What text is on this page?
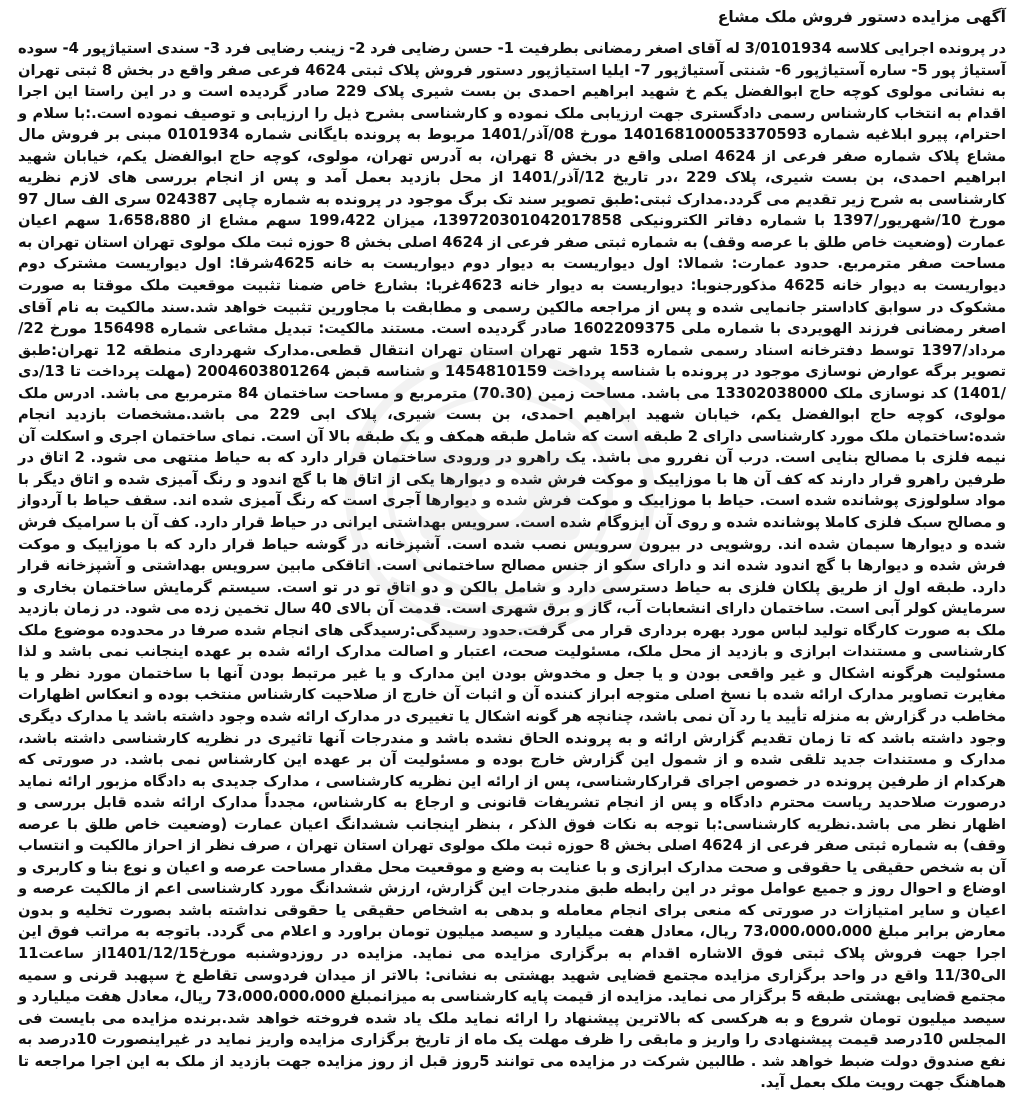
آگهی مزایده دستور فروش ملک مشاع

در پرونده اجرایی کلاسه 3/0101934 له آقای اصغر رمضانی بطرفیت 1- حسن رضایی فرد 2- زینب رضایی فرد 3- سندی استیاژپور 4- سوده آستیاژ پور 5- ساره آستیاژپور 6- شنتی آستیاژپور 7- ایلیا استیاژپور دستور فروش پلاک ثبتی 4624 فرعی صفر واقع در بخش 8 ثبتی تهران به نشانی مولوی کوچه حاج ابوالفضل یکم خ شهید ابراهیم احمدی بن بست شیری پلاک 229 صادر گردیده است و در این راستا این اجرا اقدام به انتخاب کارشناس رسمی دادگستری جهت ارزیابی ملک نموده و کارشناسی بشرح ذیل را ارزیابی و توصیف نموده است.:با سلام و احترام، پیرو ابلاغیه شماره 140168100053370593 مورخ 08/آذر/1401 مربوط به پرونده بایگانی شماره 0101934 مبنی بر فروش مال مشاع پلاک شماره صفر فرعی از 4624 اصلی واقع در بخش 8 تهران، به آدرس تهران، مولوی، کوچه حاج ابوالفضل یکم، خیابان شهید ابراهیم احمدی، بن بست شیری، پلاک 229 ،در تاریخ 12/آذر/1401 از محل بازدید بعمل آمد و پس از انجام بررسی های لازم نظریه کارشناسی به شرح زیر تقدیم می گردد.مدارک ثبتی:طبق تصویر سند تک برگ موجود در پرونده به شماره چاپی 024387 سری الف سال 97 مورخ 10/شهریور/1397 با شماره دفاتر الکترونیکی 139720301042017858، میزان 199،422 سهم مشاع از 1،658،880 سهم اعیان عمارت (وضعیت خاص طلق با عرصه وقف) به شماره ثبتی صفر فرعی از 4624 اصلی بخش 8 حوزه ثبت ملک مولوی تهران استان تهران به مساحت صفر مترمربع. حدود عمارت: شمالا: اول دیواریست به دیوار دوم دیواریست به خانه 4625شرقا: اول دیواریست مشترک دوم دیواریست به دیوار خانه 4625 مذکورجنوبا: دیواریست به دیوار خانه 4623غربا: بشارع خاص ضمنا تثبیت موقعیت ملک موقتا به صورت مشکوک در سوابق کاداستر جانمایی شده و پس از مراجعه مالکین رسمی و مطابقت با مجاورین تثبیت خواهد شد.سند مالکیت به نام آقای اصغر رمضانی فرزند الهویردی با شماره ملی 1602209375 صادر گردیده است. مستند مالکیت: تبدیل مشاعی شماره 156498 مورخ 22/مرداد/1397 توسط دفترخانه اسناد رسمی شماره 153 شهر تهران استان تهران انتقال قطعی.مدارک شهرداری منطقه 12 تهران:طبق تصویر برگه عوارض نوسازی موجود در پرونده با شناسه پرداخت 1454810159 و شناسه قبض 2004603801264 (مهلت پرداخت تا 13/دی /1401) کد نوسازی ملک 13302038000 می باشد. مساحت زمین (70.30) مترمربع و مساحت ساختمان 84 مترمربع می باشد. ادرس ملک مولوی، کوچه حاج ابوالفضل یکم، خیابان شهید ابراهیم احمدی، بن بست شیری، پلاک ابی 229 می باشد.مشخصات بازدید انجام شده:ساختمان ملک مورد کارشناسی دارای 2 طبقه است که شامل طبقه همکف و یک طبقه بالا آن است. نمای ساختمان اجری و اسکلت آن نیمه فلزی با مصالح بنایی است. درب آن نفررو می باشد. یک راهرو در ورودی ساختمان قرار دارد که به حیاط منتهی می شود. 2 اتاق در طرفین راهرو قرار دارند که کف آن ها با موزاییک و موکت فرش شده و دیوارها یکی از اتاق ها با گچ اندود و رنگ آمیزی شده و اتاق دیگر با مواد سلولوزی پوشانده شده است. حیاط با موزاییک و موکت فرش شده و دیوارها آجری است که رنگ آمیزی شده اند. سقف حیاط با آردواز و مصالح سبک فلزی کاملا پوشانده شده و روی آن ایزوگام شده است. سرویس بهداشتی ایرانی در حیاط قرار دارد. کف آن با سرامیک فرش شده و دیوارها سیمان شده اند. روشویی در بیرون سرویس نصب شده است. آشپزخانه در گوشه حیاط قرار دارد که با موزاییک و موکت فرش شده و دیوارها با گچ اندود شده اند و دارای سکو از جنس مصالح ساختمانی است. اتاقکی مابین سرویس بهداشتی و آشپزخانه قرار دارد. طبقه اول از طریق پلکان فلزی به حیاط دسترسی دارد و شامل بالکن و دو اتاق تو در تو است. سیستم گرمایش ساختمان بخاری و سرمایش کولر آبی است. ساختمان دارای انشعابات آب، گاز و برق شهری است. قدمت آن بالای 40 سال تخمین زده می شود. در زمان بازدید ملک به صورت کارگاه تولید لباس مورد بهره برداری قرار می گرفت.حدود رسیدگی:رسیدگی های انجام شده صرفا در محدوده موضوع ملک کارشناسی و مستندات ابرازی و بازدید از محل ملک، مسئولیت صحت، اعتبار و اصالت مدارک ارائه شده بر عهده اینجانب نمی باشد و لذا مسئولیت هرگونه اشکال و غیر واقعی بودن و یا جعل و مخدوش بودن این مدارک و یا غیر مرتبط بودن آنها با ساختمان مورد نظر و یا مغایرت تصاویر مدارک ارائه شده با نسخ اصلی متوجه ابراز کننده آن و اثبات آن خارج از صلاحیت کارشناس منتخب بوده و انعکاس اظهارات مخاطب در گزارش به منزله تأیید یا رد آن نمی باشد، چنانچه هر گونه اشکال یا تغییری در مدارک ارائه شده وجود داشته باشد یا مدارک دیگری وجود داشته باشد که تا زمان تقدیم گزارش ارائه و به پرونده الحاق نشده باشد و مندرجات آنها تاثیری در نظریه کارشناسی داشته باشد، مدارک و مستندات جدید تلقی شده و از شمول این گزارش خارج بوده و مسئولیت آن بر عهده این کارشناس نمی باشد. در صورتی که هرکدام از طرفین پرونده در خصوص اجرای قرارکارشناسی، پس از ارائه این نظریه کارشناسی ، مدارک جدیدی به دادگاه مزبور ارائه نماید درصورت صلاحدید ریاست محترم دادگاه و پس از انجام تشریفات قانونی و ارجاع به کارشناس، مجدداً مدارک ارائه شده قابل بررسی و اظهار نظر می باشد.نظریه کارشناسی:با توجه به نکات فوق الذکر ، بنظر اینجانب ششدانگ اعیان عمارت (وضعیت خاص طلق با عرصه وقف) به شماره ثبتی صفر فرعی از 4624 اصلی بخش 8 حوزه ثبت ملک مولوی تهران استان تهران ، صرف نظر از احراز مالکیت و انتساب آن به شخص حقیقی یا حقوقی و صحت مدارک ابرازی و با عنایت به وضع و موقعیت محل مقدار مساحت عرصه و اعیان و نوع بنا و کاربری و اوضاع و احوال روز و جمیع عوامل موثر در این رابطه طبق مندرجات این گزارش، ارزش ششدانگ مورد کارشناسی اعم از مالکیت عرصه و اعیان و سایر امتیازات در صورتی که منعی برای انجام معامله و بدهی به اشخاص حقیقی یا حقوقی نداشته باشد بصورت تخلیه و بدون معارض برابر مبلغ 73،000،000،000 ریال، معادل هفت میلیارد و سیصد میلیون تومان براورد و اعلام می گردد. باتوجه به مراتب فوق این اجرا جهت فروش پلاک ثبتی فوق الاشاره اقدام به برگزاری مزایده می نماید. مزایده در روزدوشنبه مورخ1401/12/15از ساعت11 الی11/30 واقع در واحد برگزاری مزایده مجتمع قضایی شهید بهشتی به نشانی: بالاتر از میدان فردوسی تقاطع خ سپهبد قرنی و سمیه مجتمع قضایی بهشتی طبقه 5 برگزار می نماید. مزایده از قیمت پایه کارشناسی به میزانمبلغ 73،000،000،000 ریال، معادل هفت میلیارد و سیصد میلیون تومان شروع و به هرکسی که بالاترین پیشنهاد را ارائه نماید ملک یاد شده فروخته خواهد شد.برنده مزایده می بایست فی المجلس 10درصد قیمت پیشنهادی را واریز و مابقی را ظرف مهلت یک ماه از تاریخ برگزاری مزایده واریز نماید در غیراینصورت 10درصد به نفع صندوق دولت ضبط خواهد شد . طالبین شرکت در مزایده می توانند 5روز قبل از روز مزایده جهت بازدید از ملک به این اجرا مراجعه تا هماهنگ جهت رویت ملک بعمل آید.
